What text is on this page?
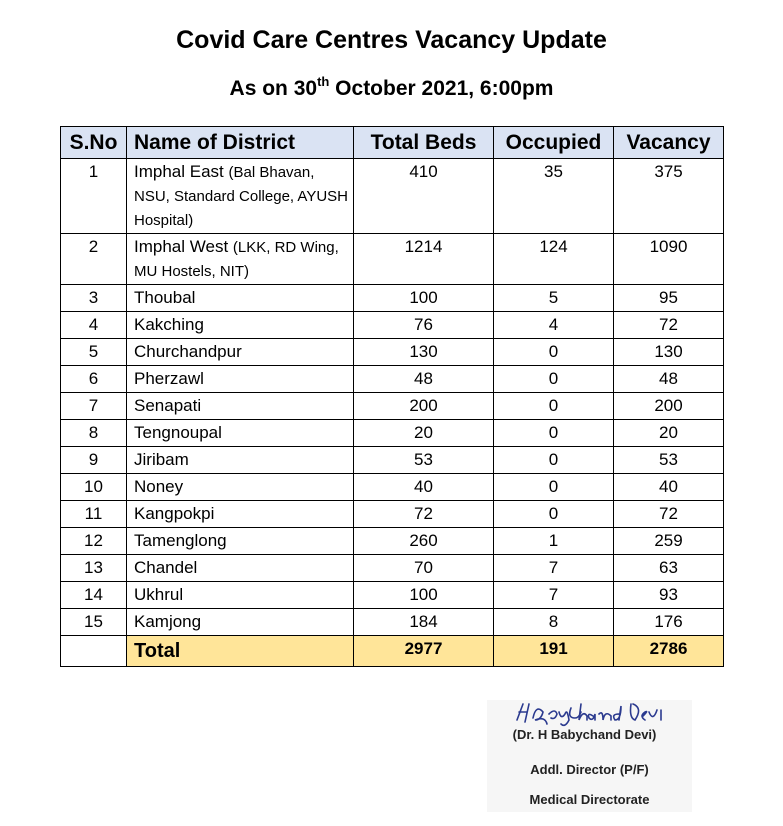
Covid Care Centres Vacancy Update
As on 30th October 2021, 6:00pm
S.No	Name of District	Total Beds	Occupied	Vacancy
1	Imphal East (Bal Bhavan, NSU, Standard College, AYUSH Hospital)	410	35	375
2	Imphal West (LKK, RD Wing, MU Hostels, NIT)	1214	124	1090
3	Thoubal	100	5	95
4	Kakching	76	4	72
5	Churchandpur	130	0	130
6	Pherzawl	48	0	48
7	Senapati	200	0	200
8	Tengnoupal	20	0	20
9	Jiribam	53	0	53
10	Noney	40	0	40
11	Kangpokpi	72	0	72
12	Tamenglong	260	1	259
13	Chandel	70	7	63
14	Ukhrul	100	7	93
15	Kamjong	184	8	176
	Total	2977	191	2786
H. Babychand Devi
(Dr. H Babychand Devi)
Addl. Director (P/F)
Medical Directorate
